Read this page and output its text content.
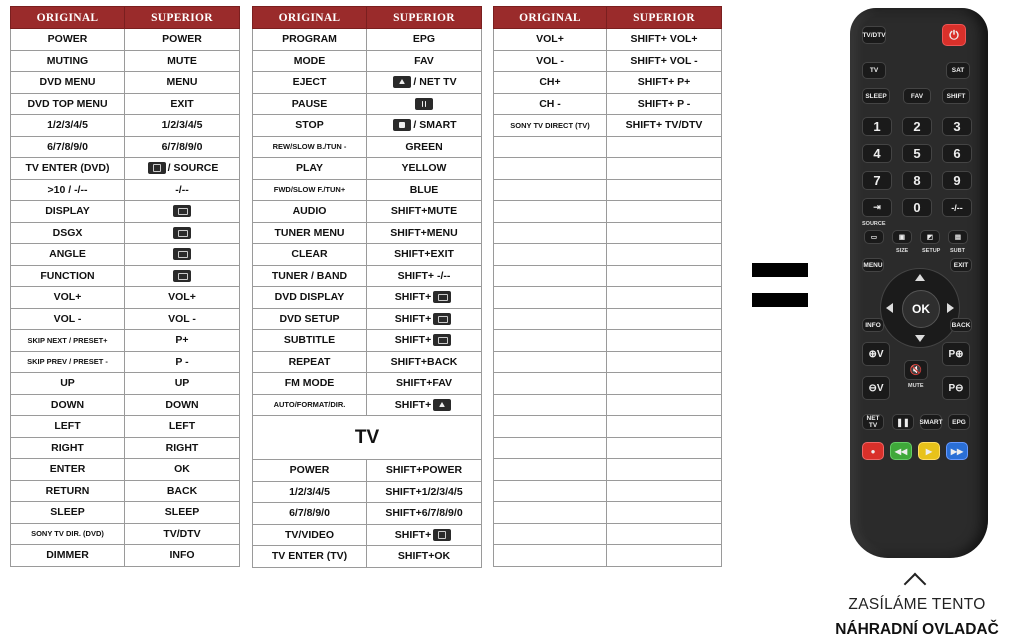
ORIGINAL	SUPERIOR
POWER	POWER
MUTING	MUTE
DVD MENU	MENU
DVD TOP MENU	EXIT
1/2/3/4/5	1/2/3/4/5
6/7/8/9/0	6/7/8/9/0
TV ENTER (DVD)	/ SOURCE
>10 / -/--	-/--
DISPLAY	
DSGX	
ANGLE	
FUNCTION	
VOL+	VOL+
VOL -	VOL -
SKIP NEXT / PRESET+	P+
SKIP PREV / PRESET -	P -
UP	UP
DOWN	DOWN
LEFT	LEFT
RIGHT	RIGHT
ENTER	OK
RETURN	BACK
SLEEP	SLEEP
SONY TV DIR. (DVD)	TV/DTV
DIMMER	INFO
ORIGINAL	SUPERIOR
PROGRAM	EPG
MODE	FAV
EJECT	/ NET TV
PAUSE	
STOP	/ SMART
REW/SLOW B./TUN -	GREEN
PLAY	YELLOW
FWD/SLOW F./TUN+	BLUE
AUDIO	SHIFT+MUTE
TUNER MENU	SHIFT+MENU
CLEAR	SHIFT+EXIT
TUNER / BAND	SHIFT+ -/--
DVD DISPLAY	SHIFT+
DVD SETUP	SHIFT+
SUBTITLE	SHIFT+
REPEAT	SHIFT+BACK
FM MODE	SHIFT+FAV
AUTO/FORMAT/DIR.	SHIFT+
TV	
POWER	SHIFT+POWER
1/2/3/4/5	SHIFT+1/2/3/4/5
6/7/8/9/0	SHIFT+6/7/8/9/0
TV/VIDEO	SHIFT+
TV ENTER (TV)	SHIFT+OK
ORIGINAL	SUPERIOR
VOL+	SHIFT+ VOL+
VOL -	SHIFT+ VOL -
CH+	SHIFT+ P+
CH -	SHIFT+ P -
SONY TV DIRECT (TV)	SHIFT+ TV/DTV

TV/DTV	⏻
TV	SAT
SLEEP	FAV	SHIFT
1	2	3
4	5	6
7	8	9
⇥	0	-/--
SOURCE
▭	▣	◩	▤
SIZE	SETUP SUBT
MENU	EXIT
OK
INFO	BACK
⊕V	P⊕
🔇
MUTE
⊖V	P⊖
NET TV	❚❚	SMART	EPG
●	◀◀	▶	▶▶
ZASÍLÁME TENTO
NÁHRADNÍ OVLADAČ
